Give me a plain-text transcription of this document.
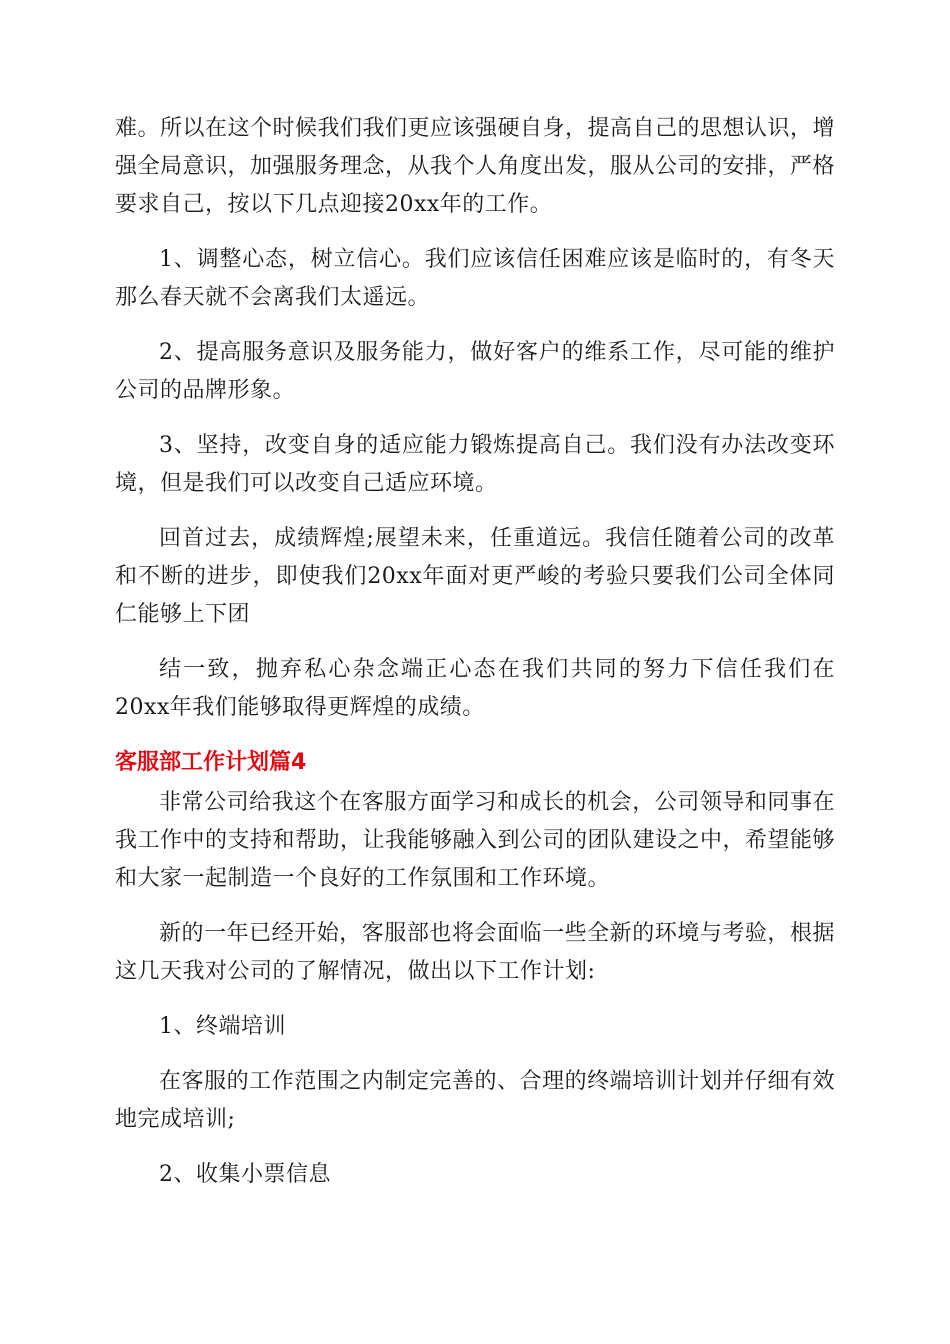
难。所以在这个时候我们我们更应该强硬自身，提高自己的思想认识，增强全局意识，加强服务理念，从我个人角度出发，服从公司的安排，严格要求自己，按以下几点迎接20xx年的工作。

1、调整心态，树立信心。我们应该信任困难应该是临时的，有冬天那么春天就不会离我们太遥远。

2、提高服务意识及服务能力，做好客户的维系工作，尽可能的维护公司的品牌形象。

3、坚持，改变自身的适应能力锻炼提高自己。我们没有办法改变环境，但是我们可以改变自己适应环境。

回首过去，成绩辉煌;展望未来，任重道远。我信任随着公司的改革和不断的进步，即使我们20xx年面对更严峻的考验只要我们公司全体同仁能够上下团

结一致，抛弃私心杂念端正心态在我们共同的努力下信任我们在20xx年我们能够取得更辉煌的成绩。

客服部工作计划篇4

非常公司给我这个在客服方面学习和成长的机会，公司领导和同事在我工作中的支持和帮助，让我能够融入到公司的团队建设之中，希望能够和大家一起制造一个良好的工作氛围和工作环境。

新的一年已经开始，客服部也将会面临一些全新的环境与考验，根据这几天我对公司的了解情况，做出以下工作计划:

1、终端培训

在客服的工作范围之内制定完善的、合理的终端培训计划并仔细有效地完成培训;

2、收集小票信息
